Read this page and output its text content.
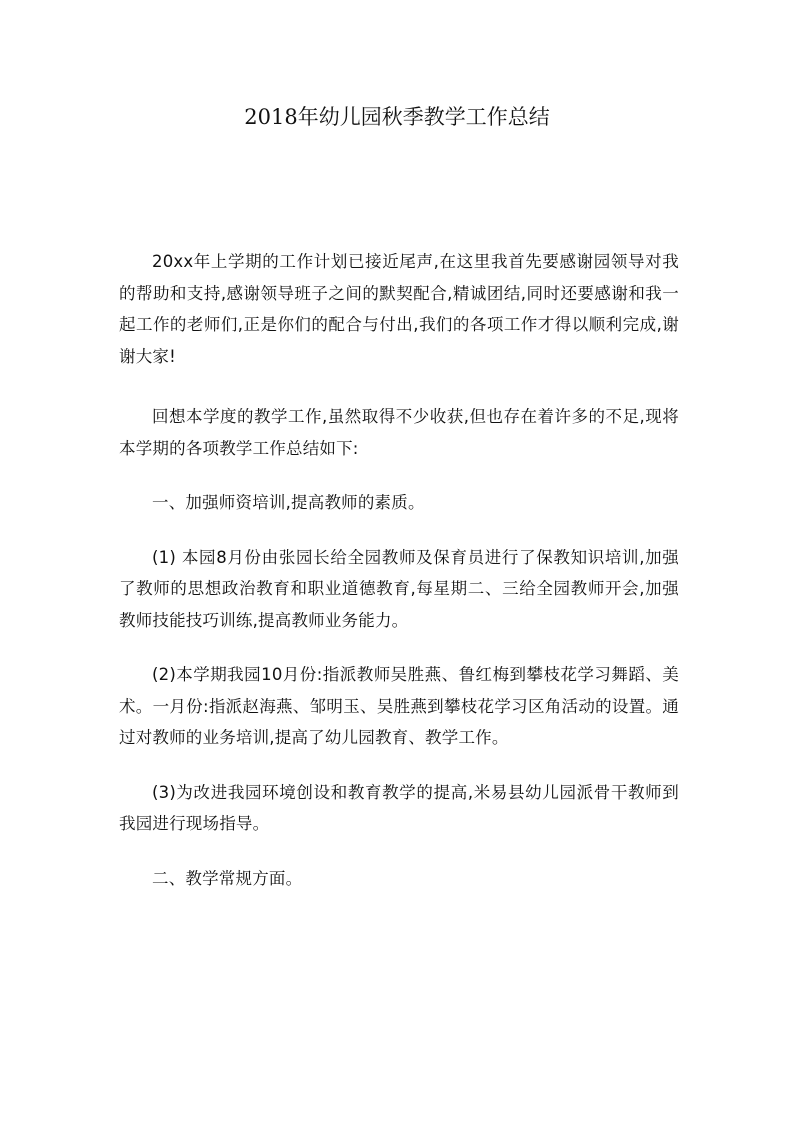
2018年幼儿园秋季教学工作总结

20xx年上学期的工作计划已接近尾声,在这里我首先要感谢园领导对我的帮助和支持,感谢领导班子之间的默契配合,精诚团结,同时还要感谢和我一起工作的老师们,正是你们的配合与付出,我们的各项工作才得以顺利完成,谢谢大家!

回想本学度的教学工作,虽然取得不少收获,但也存在着许多的不足,现将本学期的各项教学工作总结如下:

一、加强师资培训,提高教师的素质。

(1) 本园8月份由张园长给全园教师及保育员进行了保教知识培训,加强了教师的思想政治教育和职业道德教育,每星期二、三给全园教师开会,加强教师技能技巧训练,提高教师业务能力。

(2)本学期我园10月份:指派教师吴胜燕、鲁红梅到攀枝花学习舞蹈、美术。一月份:指派赵海燕、邹明玉、吴胜燕到攀枝花学习区角活动的设置。通过对教师的业务培训,提高了幼儿园教育、教学工作。

(3)为改进我园环境创设和教育教学的提高,米易县幼儿园派骨干教师到我园进行现场指导。

二、教学常规方面。
